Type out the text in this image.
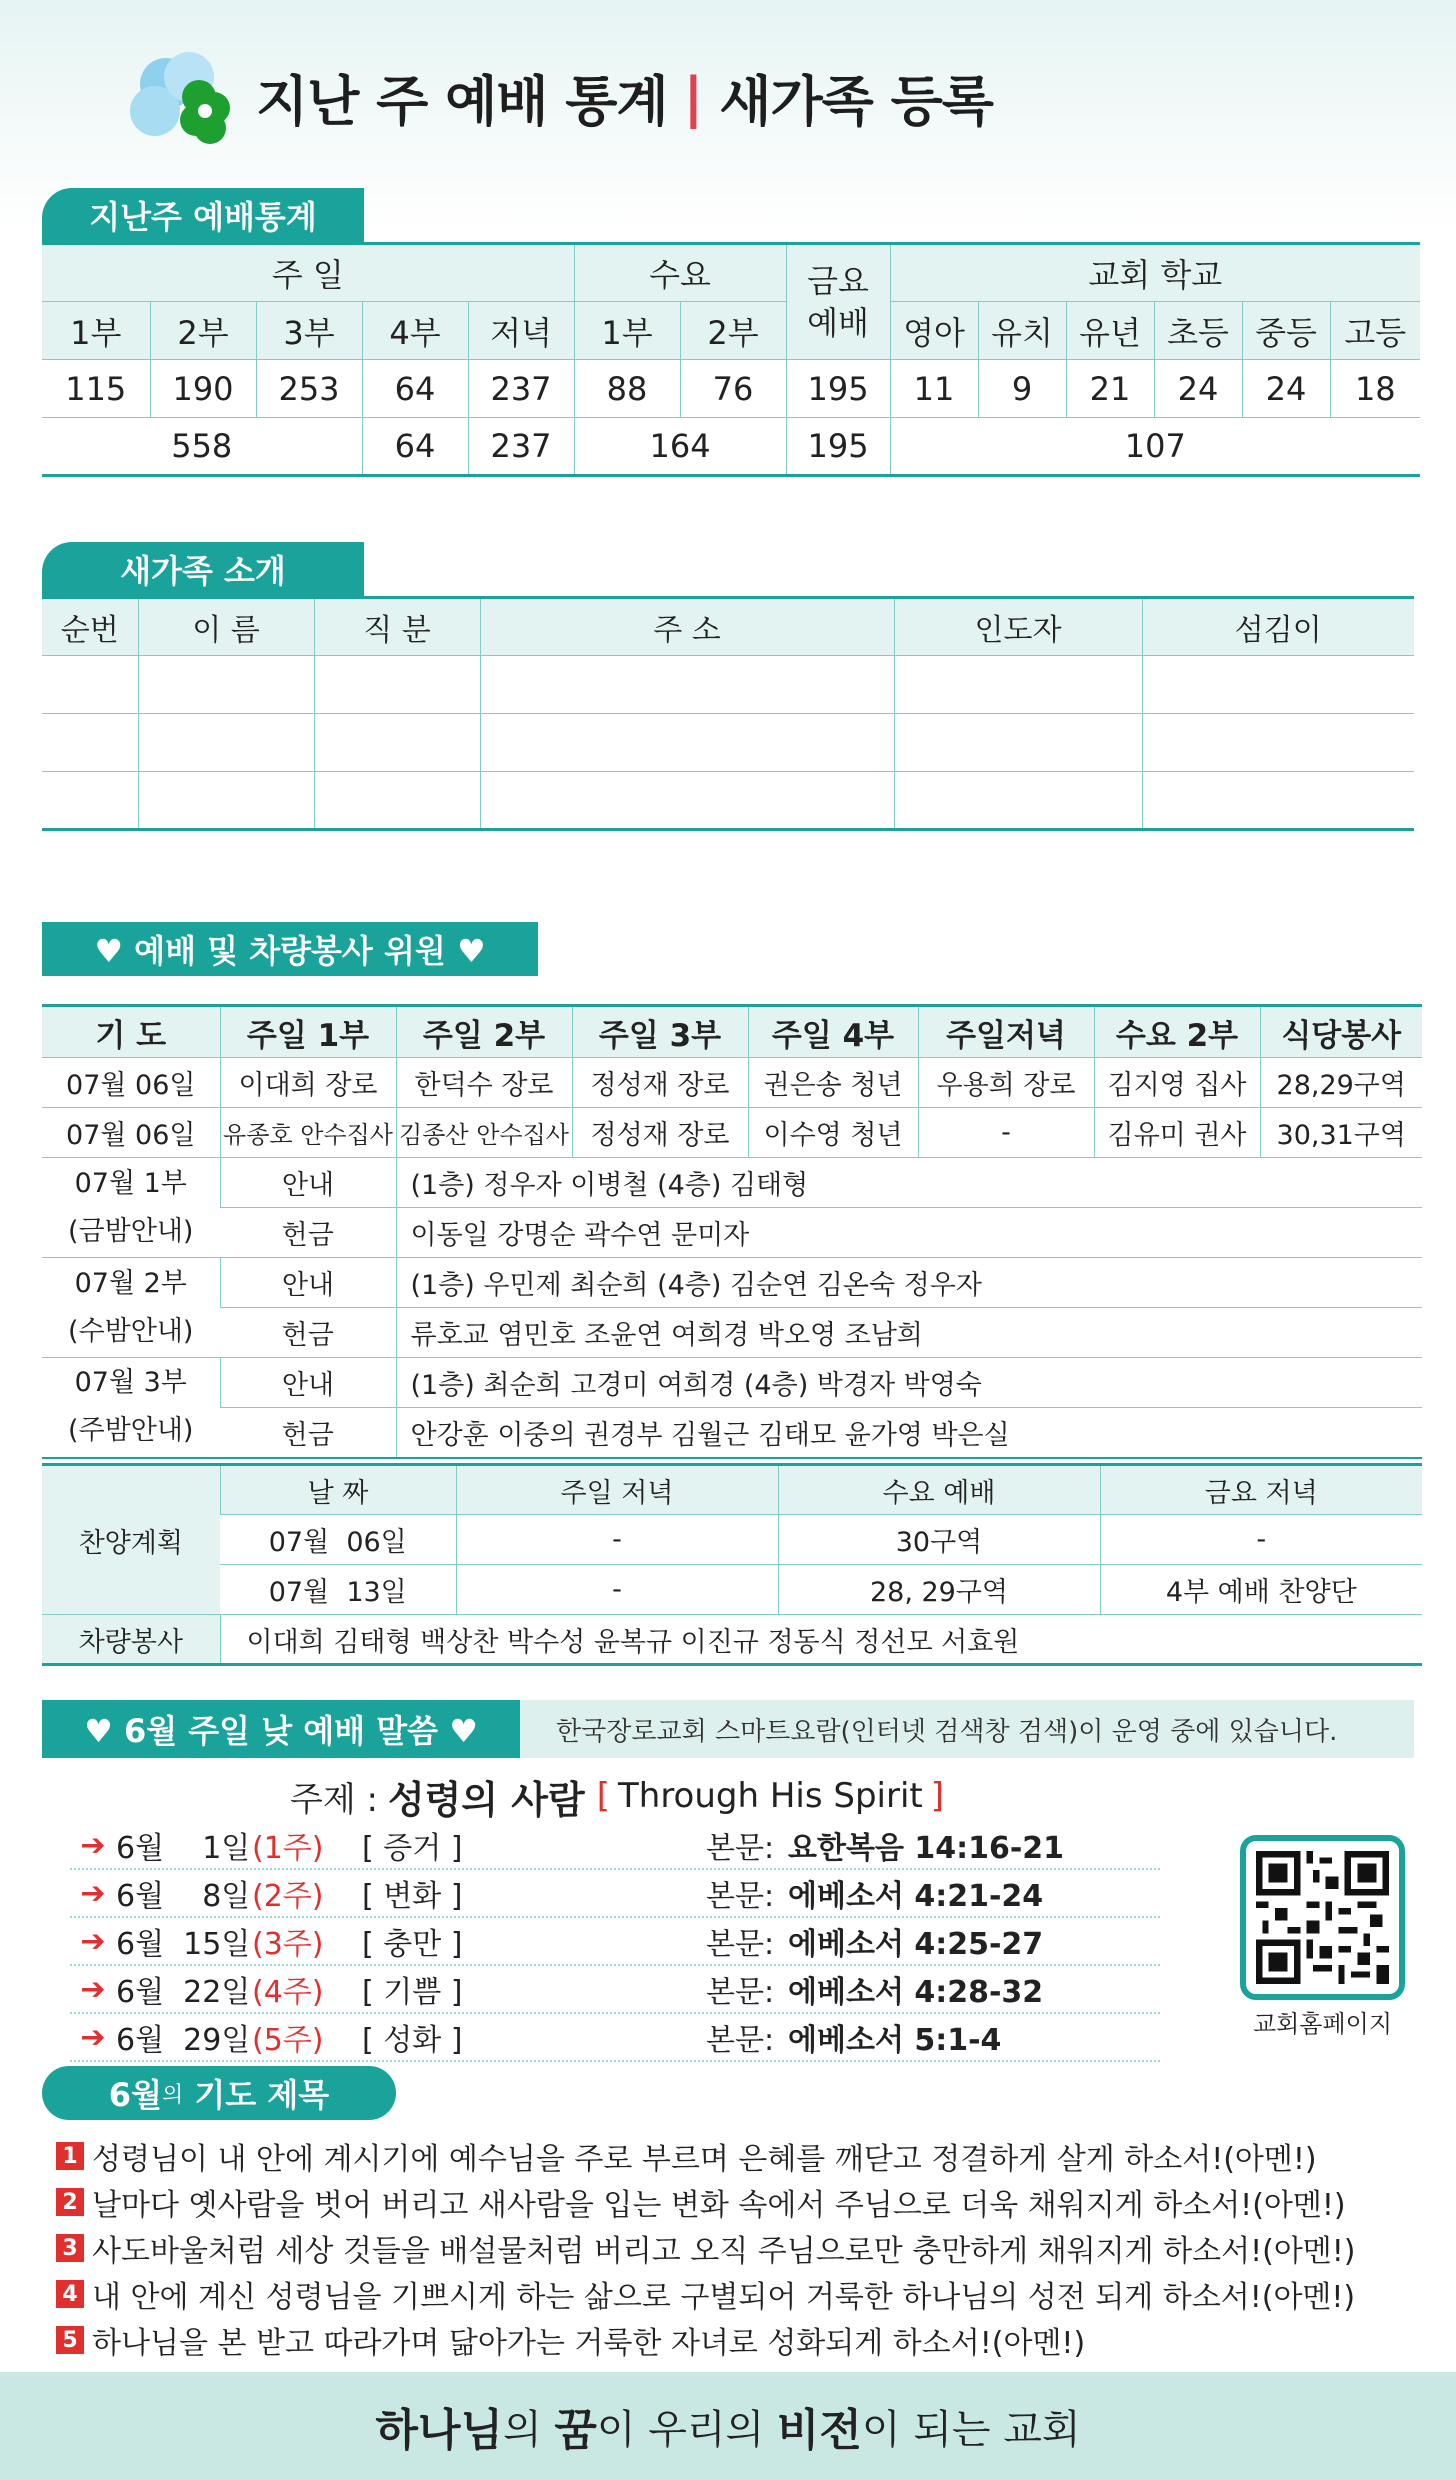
지난 주 예배 통계 | 새가족 등록
지난주 예배통계
주 일					수요		금요
예배	교회 학교					
1부	2부	3부	4부	저녁	1부	2부		영아	유치	유년	초등	중등	고등
115	190	253	64	237	88	76	195	11	9	21	24	24	18
558			64	237	164		195	107					
새가족 소개
순번	이 름	직 분	주 소	인도자	섬김이

♥ 예배 및 차량봉사 위원 ♥
기 도	주일 1부	주일 2부	주일 3부	주일 4부	주일저녁	수요 2부	식당봉사
07월 06일	이대희 장로	한덕수 장로	정성재 장로	권은송 청년	우용희 장로	김지영 집사	28,29구역
07월 06일	유종호 안수집사	김종산 안수집사	정성재 장로	이수영 청년	-	김유미 권사	30,31구역

07월 1부
(금밤안내)	안내	(1층) 정우자 이병철 (4층) 김태형					
	헌금	이동일 강명순 곽수연 문미자					

07월 2부
(수밤안내)	안내	(1층) 우민제 최순희 (4층) 김순연 김온숙 정우자					
	헌금	류호교 염민호 조윤연 여희경 박오영 조남희					

07월 3부
(주밤안내)	안내	(1층) 최순희 고경미 여희경 (4층) 박경자 박영숙					
	헌금	안강훈 이중의 권경부 김월근 김태모 윤가영 박은실					
찬양계획	날 짜	주일 저녁	수요 예배	금요 저녁
	07월  06일	-	30구역	-
	07월  13일	-	28, 29구역	4부 예배 찬양단
차량봉사	이대희 김태형 백상찬 박수성 윤복규 이진규 정동식 정선모 서효원			
♥ 6월 주일 낮 예배 말씀 ♥	한국장로교회 스마트요람(인터넷 검색창 검색)이 운영 중에 있습니다.
주제 : 성령의 사람 [ Through His Spirit ]
➔ 6월    1일 (1주)	[ 증거 ]	본문: 요한복음 14:16-21
➔ 6월    8일 (2주)	[ 변화 ]	본문: 에베소서 4:21-24
➔ 6월  15일 (3주)	[ 충만 ]	본문: 에베소서 4:25-27
➔ 6월  22일 (4주)	[ 기쁨 ]	본문: 에베소서 4:28-32
➔ 6월  29일 (5주)	[ 성화 ]	본문: 에베소서 5:1-4	교회홈페이지
6월 의 기도 제목
1 성령님이 내 안에 계시기에 예수님을 주로 부르며 은혜를 깨닫고 정결하게 살게 하소서!(아멘!)
2 날마다 옛사람을 벗어 버리고 새사람을 입는 변화 속에서 주님으로 더욱 채워지게 하소서!(아멘!)
3 사도바울처럼 세상 것들을 배설물처럼 버리고 오직 주님으로만 충만하게 채워지게 하소서!(아멘!)
4 내 안에 계신 성령님을 기쁘시게 하는 삶으로 구별되어 거룩한 하나님의 성전 되게 하소서!(아멘!)
5 하나님을 본 받고 따라가며 닮아가는 거룩한 자녀로 성화되게 하소서!(아멘!)
하나님 의 꿈 이 우리의 비전 이 되는 교회
